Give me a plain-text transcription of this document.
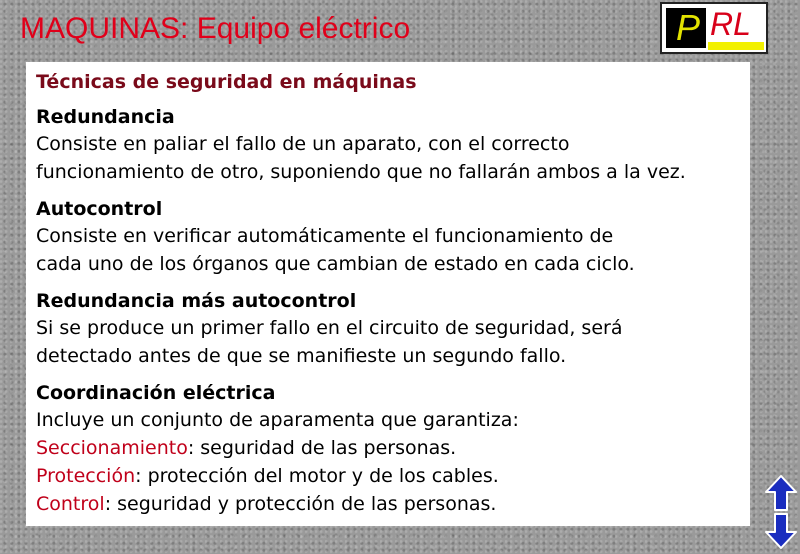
MAQUINAS: Equipo eléctrico	P RL
Técnicas de seguridad en máquinas
Redundancia
Consiste en paliar el fallo de un aparato, con el correcto
funcionamiento de otro, suponiendo que no fallarán ambos a la vez.
Autocontrol
Consiste en verificar automáticamente el funcionamiento de
cada uno de los órganos que cambian de estado en cada ciclo.
Redundancia más autocontrol
Si se produce un primer fallo en el circuito de seguridad, será
detectado antes de que se manifieste un segundo fallo.
Coordinación eléctrica
Incluye un conjunto de aparamenta que garantiza:
Seccionamiento: seguridad de las personas.
Protección: protección del motor y de los cables.
Control: seguridad y protección de las personas.
